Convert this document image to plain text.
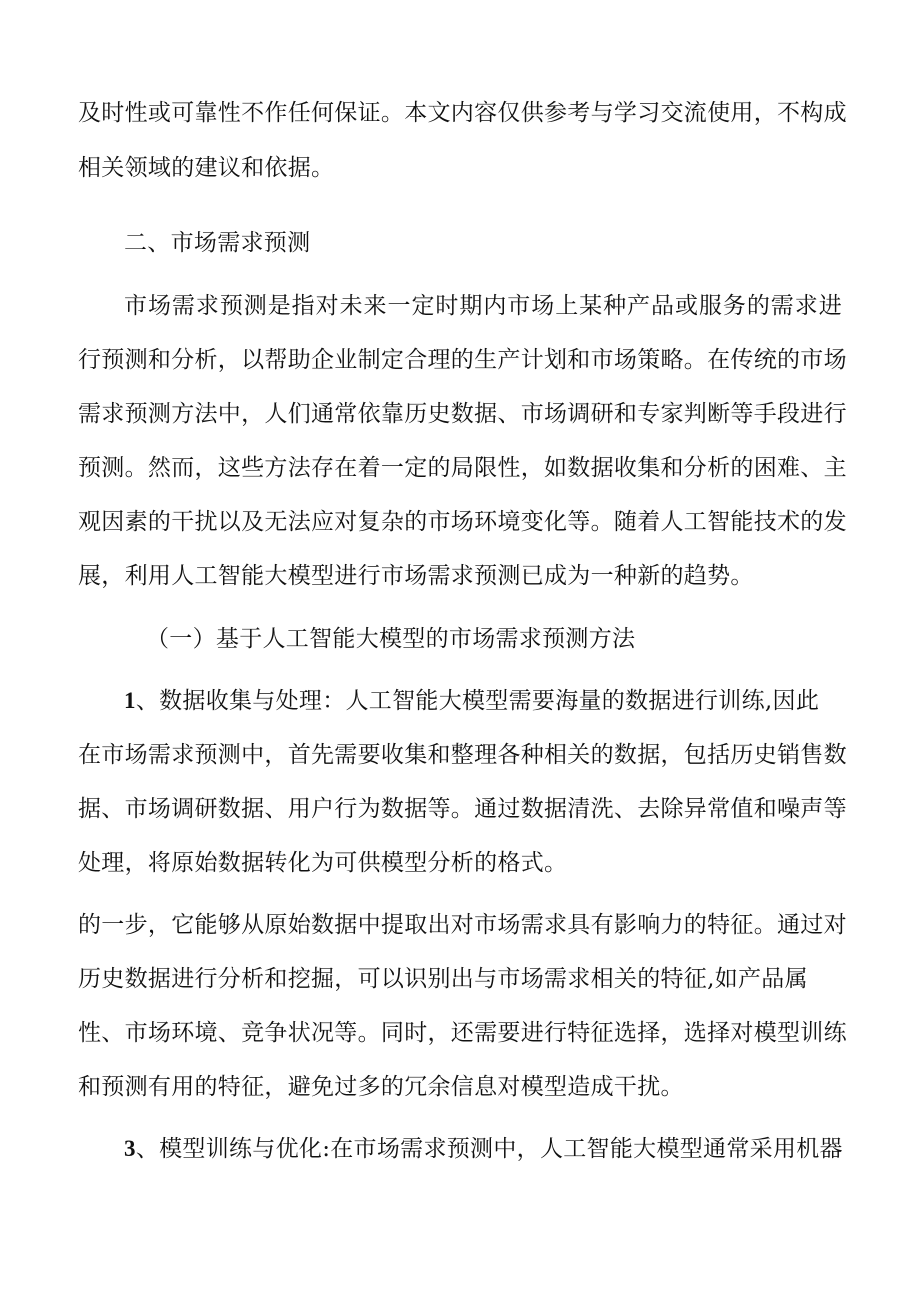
及时性或可靠性不作任何保证。本文内容仅供参考与学习交流使用，不构成
相关领域的建议和依据。
二、市场需求预测
市场需求预测是指对未来一定时期内市场上某种产品或服务的需求进
行预测和分析，以帮助企业制定合理的生产计划和市场策略。在传统的市场
需求预测方法中，人们通常依靠历史数据、市场调研和专家判断等手段进行
预测。然而，这些方法存在着一定的局限性，如数据收集和分析的困难、主
观因素的干扰以及无法应对复杂的市场环境变化等。随着人工智能技术的发
展，利用人工智能大模型进行市场需求预测已成为一种新的趋势。
（一）基于人工智能大模型的市场需求预测方法
1、数据收集与处理：人工智能大模型需要海量的数据进行训练,因此
在市场需求预测中，首先需要收集和整理各种相关的数据，包括历史销售数
据、市场调研数据、用户行为数据等。通过数据清洗、去除异常值和噪声等
处理，将原始数据转化为可供模型分析的格式。
的一步，它能够从原始数据中提取出对市场需求具有影响力的特征。通过对
历史数据进行分析和挖掘，可以识别出与市场需求相关的特征,如产品属
性、市场环境、竞争状况等。同时，还需要进行特征选择，选择对模型训练
和预测有用的特征，避免过多的冗余信息对模型造成干扰。
3、模型训练与优化:在市场需求预测中，人工智能大模型通常采用机器
